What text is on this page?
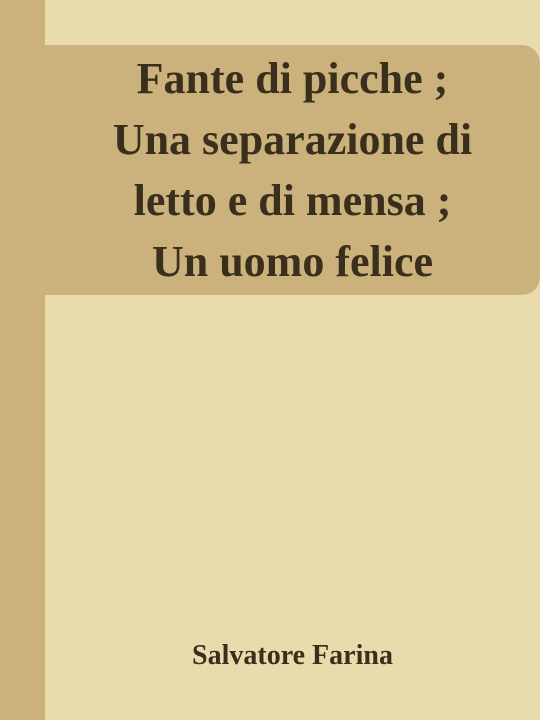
Fante di picche ;
Una separazione di
letto e di mensa ;
Un uomo felice
Salvatore Farina
